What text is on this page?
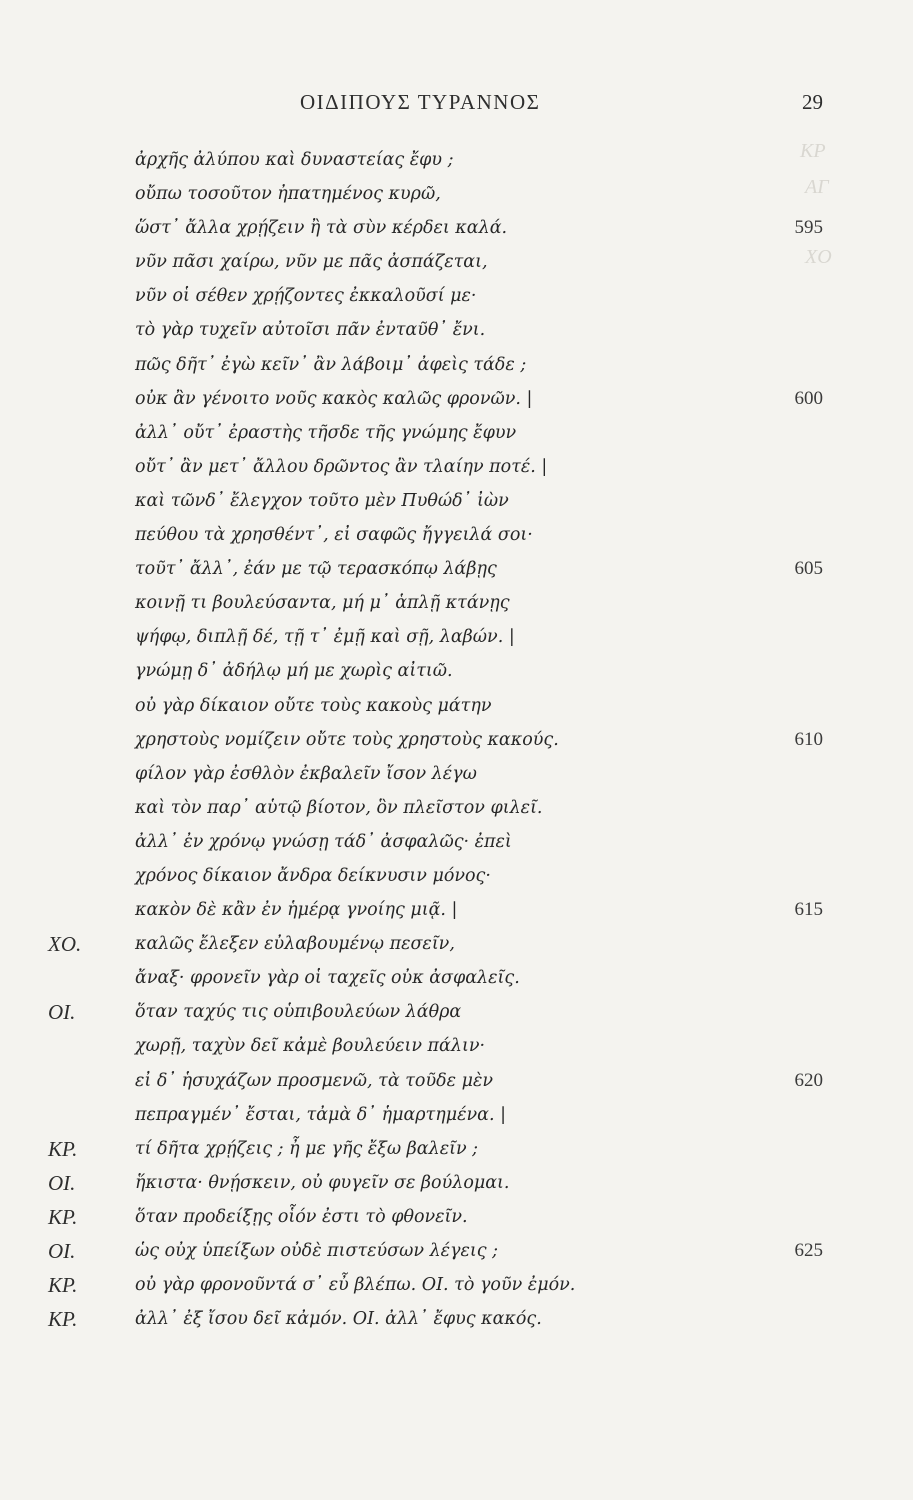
ΚΡ
ΑΓ
ΧΟ
ΟΙΔΙΠΟΥΣ ΤΥΡΑΝΝΟΣ	29
ἀρχῆς ἀλύπου καὶ δυναστείας ἔφυ ;
οὔπω τοσοῦτον ἠπατημένος κυρῶ,
ὥστ᾽ ἄλλα χρῄζειν ἢ τὰ σὺν κέρδει καλά.	595
νῦν πᾶσι χαίρω, νῦν με πᾶς ἀσπάζεται,
νῦν οἱ σέθεν χρῄζοντες ἐκκαλοῦσί με·
τὸ γὰρ τυχεῖν αὐτοῖσι πᾶν ἐνταῦθ᾽ ἔνι.
πῶς δῆτ᾽ ἐγὼ κεῖν᾽ ἂν λάβοιμ᾽ ἀφεὶς τάδε ;
οὐκ ἂν γένοιτο νοῦς κακὸς καλῶς φρονῶν. |	600
ἀλλ᾽ οὔτ᾽ ἐραστὴς τῆσδε τῆς γνώμης ἔφυν
οὔτ᾽ ἂν μετ᾽ ἄλλου δρῶντος ἂν τλαίην ποτέ. |
καὶ τῶνδ᾽ ἔλεγχον τοῦτο μὲν Πυθώδ᾽ ἰὼν
πεύθου τὰ χρησθέντ᾽, εἰ σαφῶς ἤγγειλά σοι·
τοῦτ᾽ ἄλλ᾽, ἐάν με τῷ τερασκόπῳ λάβῃς	605
κοινῇ τι βουλεύσαντα, μή μ᾽ ἁπλῇ κτάνῃς
ψήφῳ, διπλῇ δέ, τῇ τ᾽ ἐμῇ καὶ σῇ, λαβών. |
γνώμῃ δ᾽ ἀδήλῳ μή με χωρὶς αἰτιῶ.
οὐ γὰρ δίκαιον οὔτε τοὺς κακοὺς μάτην
χρηστοὺς νομίζειν οὔτε τοὺς χρηστοὺς κακούς.	610
φίλον γὰρ ἐσθλὸν ἐκβαλεῖν ἴσον λέγω
καὶ τὸν παρ᾽ αὑτῷ βίοτον, ὃν πλεῖστον φιλεῖ.
ἀλλ᾽ ἐν χρόνῳ γνώσῃ τάδ᾽ ἀσφαλῶς· ἐπεὶ
χρόνος δίκαιον ἄνδρα δείκνυσιν μόνος·
κακὸν δὲ κἂν ἐν ἡμέρᾳ γνοίης μιᾷ. |	615
ΧΟ.	καλῶς ἔλεξεν εὐλαβουμένῳ πεσεῖν,
ἄναξ· φρονεῖν γὰρ οἱ ταχεῖς οὐκ ἀσφαλεῖς.
ΟΙ.	ὅταν ταχύς τις οὑπιβουλεύων λάθρα
χωρῇ, ταχὺν δεῖ κἀμὲ βουλεύειν πάλιν·
εἰ δ᾽ ἡσυχάζων προσμενῶ, τὰ τοῦδε μὲν	620
πεπραγμέν᾽ ἔσται, τἀμὰ δ᾽ ἡμαρτημένα. |
ΚΡ.	τί δῆτα χρῄζεις ; ἦ με γῆς ἔξω βαλεῖν ;
ΟΙ.	ἥκιστα· θνῄσκειν, οὐ φυγεῖν σε βούλομαι.
ΚΡ.	ὅταν προδείξῃς οἷόν ἐστι τὸ φθονεῖν.
ΟΙ.	ὡς οὐχ ὑπείξων οὐδὲ πιστεύσων λέγεις ;	625
ΚΡ.	οὐ γὰρ φρονοῦντά σ᾽ εὖ βλέπω. ΟΙ. τὸ γοῦν ἐμόν.
ΚΡ.	ἀλλ᾽ ἐξ ἴσου δεῖ κἀμόν. ΟΙ. ἀλλ᾽ ἔφυς κακός.
